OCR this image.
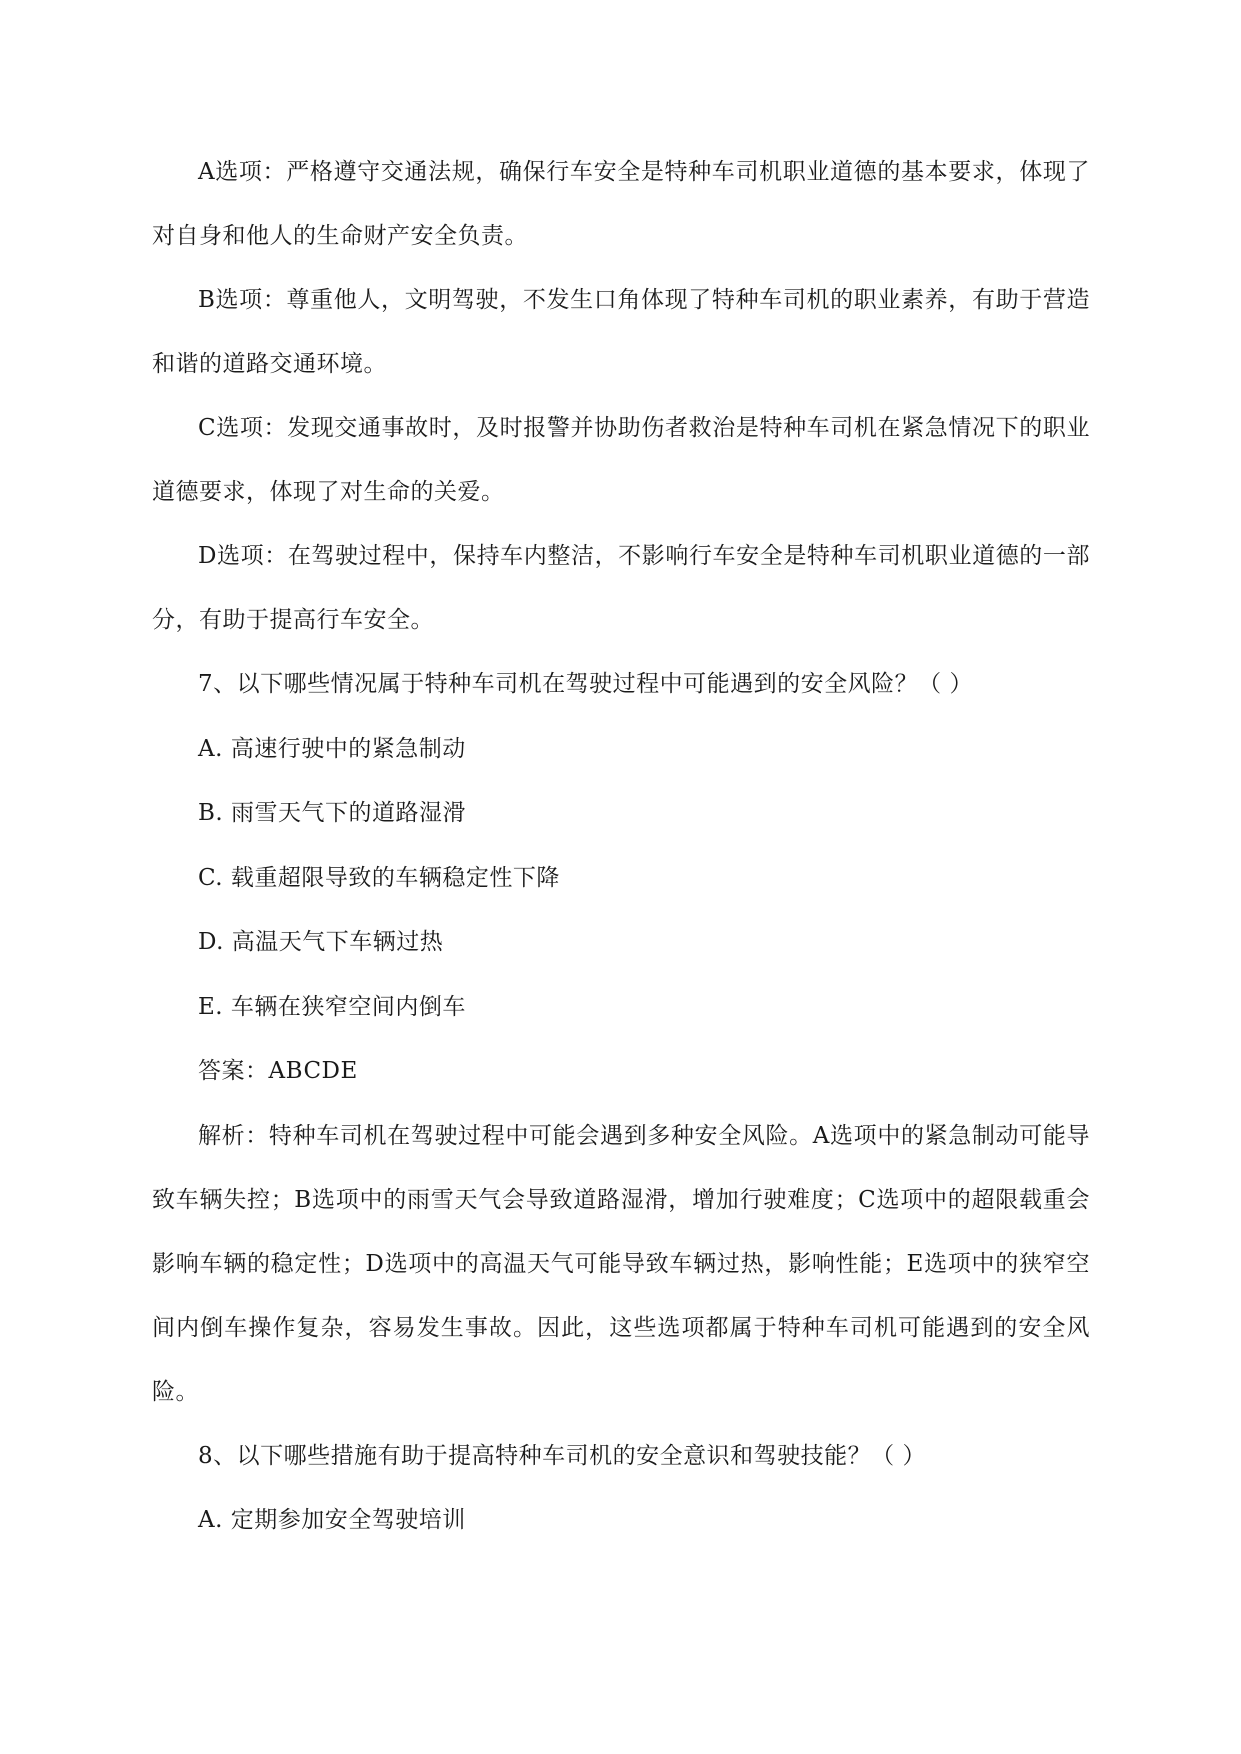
A选项：严格遵守交通法规，确保行车安全是特种车司机职业道德的基本要求，体现了对自身和他人的生命财产安全负责。

B选项：尊重他人，文明驾驶，不发生口角体现了特种车司机的职业素养，有助于营造和谐的道路交通环境。

C选项：发现交通事故时，及时报警并协助伤者救治是特种车司机在紧急情况下的职业道德要求，体现了对生命的关爱。

D选项：在驾驶过程中，保持车内整洁，不影响行车安全是特种车司机职业道德的一部分，有助于提高行车安全。

7、以下哪些情况属于特种车司机在驾驶过程中可能遇到的安全风险？（ ）

A. 高速行驶中的紧急制动

B. 雨雪天气下的道路湿滑

C. 载重超限导致的车辆稳定性下降

D. 高温天气下车辆过热

E. 车辆在狭窄空间内倒车

答案：ABCDE

解析：特种车司机在驾驶过程中可能会遇到多种安全风险。A选项中的紧急制动可能导致车辆失控；B选项中的雨雪天气会导致道路湿滑，增加行驶难度；C选项中的超限载重会影响车辆的稳定性；D选项中的高温天气可能导致车辆过热，影响性能；E选项中的狭窄空间内倒车操作复杂，容易发生事故。因此，这些选项都属于特种车司机可能遇到的安全风险。

8、以下哪些措施有助于提高特种车司机的安全意识和驾驶技能？（ ）

A. 定期参加安全驾驶培训
